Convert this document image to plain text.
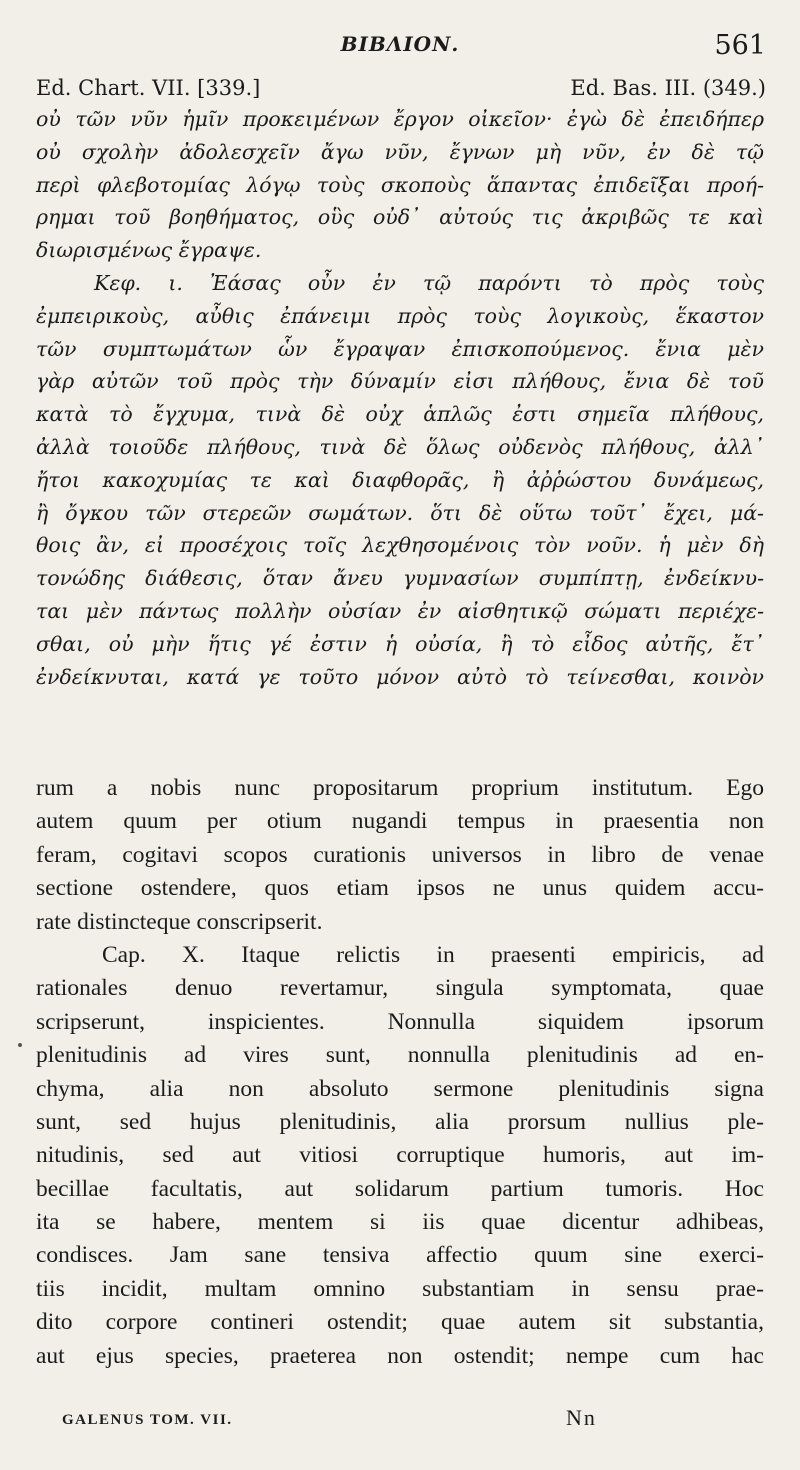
BIBΛΙΟΝ.	561
Ed. Chart. VII. [339.]	Ed. Bas. III. (349.)
οὐ τῶν νῦν ἡμῖν προκειμένων ἔργον οἰκεῖον· ἐγὼ δὲ ἐπειδήπερ
οὐ σχολὴν ἀδολεσχεῖν ἄγω νῦν, ἔγνων μὴ νῦν, ἐν δὲ τῷ
περὶ φλεβοτομίας λόγῳ τοὺς σκοποὺς ἅπαντας ἐπιδεῖξαι προή-
ρημαι τοῦ βοηθήματος, οὓς οὐδ᾽ αὐτούς τις ἀκριβῶς τε καὶ
διωρισμένως ἔγραψε.
Κεφ. ι. Ἐάσας οὖν ἐν τῷ παρόντι τὸ πρὸς τοὺς
ἐμπειρικοὺς, αὖθις ἐπάνειμι πρὸς τοὺς λογικοὺς, ἕκαστον
τῶν συμπτωμάτων ὧν ἔγραψαν ἐπισκοπούμενος. ἔνια μὲν
γὰρ αὐτῶν τοῦ πρὸς τὴν δύναμίν εἰσι πλήθους, ἔνια δὲ τοῦ
κατὰ τὸ ἔγχυμα, τινὰ δὲ οὐχ ἁπλῶς ἐστι σημεῖα πλήθους,
ἀλλὰ τοιοῦδε πλήθους, τινὰ δὲ ὅλως οὐδενὸς πλήθους, ἀλλ᾽
ἤτοι κακοχυμίας τε καὶ διαφθορᾶς, ἢ ἀῤῥώστου δυνάμεως,
ἢ ὄγκου τῶν στερεῶν σωμάτων. ὅτι δὲ οὕτω τοῦτ᾽ ἔχει, μά-
θοις ἂν, εἰ προσέχοις τοῖς λεχθησομένοις τὸν νοῦν. ἡ μὲν δὴ
τονώδης διάθεσις, ὅταν ἄνευ γυμνασίων συμπίπτῃ, ἐνδείκνυ-
ται μὲν πάντως πολλὴν οὐσίαν ἐν αἰσθητικῷ σώματι περιέχε-
σθαι, οὐ μὴν ἥτις γέ ἐστιν ἡ οὐσία, ἢ τὸ εἶδος αὐτῆς, ἔτ᾽
ἐνδείκνυται, κατά γε τοῦτο μόνον αὐτὸ τὸ τείνεσθαι, κοινὸν
rum a nobis nunc propositarum proprium institutum. Ego
autem quum per otium nugandi tempus in praesentia non
feram, cogitavi scopos curationis universos in libro de venae
sectione ostendere, quos etiam ipsos ne unus quidem accu-
rate distincteque conscripserit.
Cap. X. Itaque relictis in praesenti empiricis, ad
rationales denuo revertamur, singula symptomata, quae
scripserunt, inspicientes. Nonnulla siquidem ipsorum
plenitudinis ad vires sunt, nonnulla plenitudinis ad en-
chyma, alia non absoluto sermone plenitudinis signa
sunt, sed hujus plenitudinis, alia prorsum nullius ple-
nitudinis, sed aut vitiosi corruptique humoris, aut im-
becillae facultatis, aut solidarum partium tumoris. Hoc
ita se habere, mentem si iis quae dicentur adhibeas,
condisces. Jam sane tensiva affectio quum sine exerci-
tiis incidit, multam omnino substantiam in sensu prae-
dito corpore contineri ostendit; quae autem sit substantia,
aut ejus species, praeterea non ostendit; nempe cum hac
GALENUS TOM. VII.	Nn
